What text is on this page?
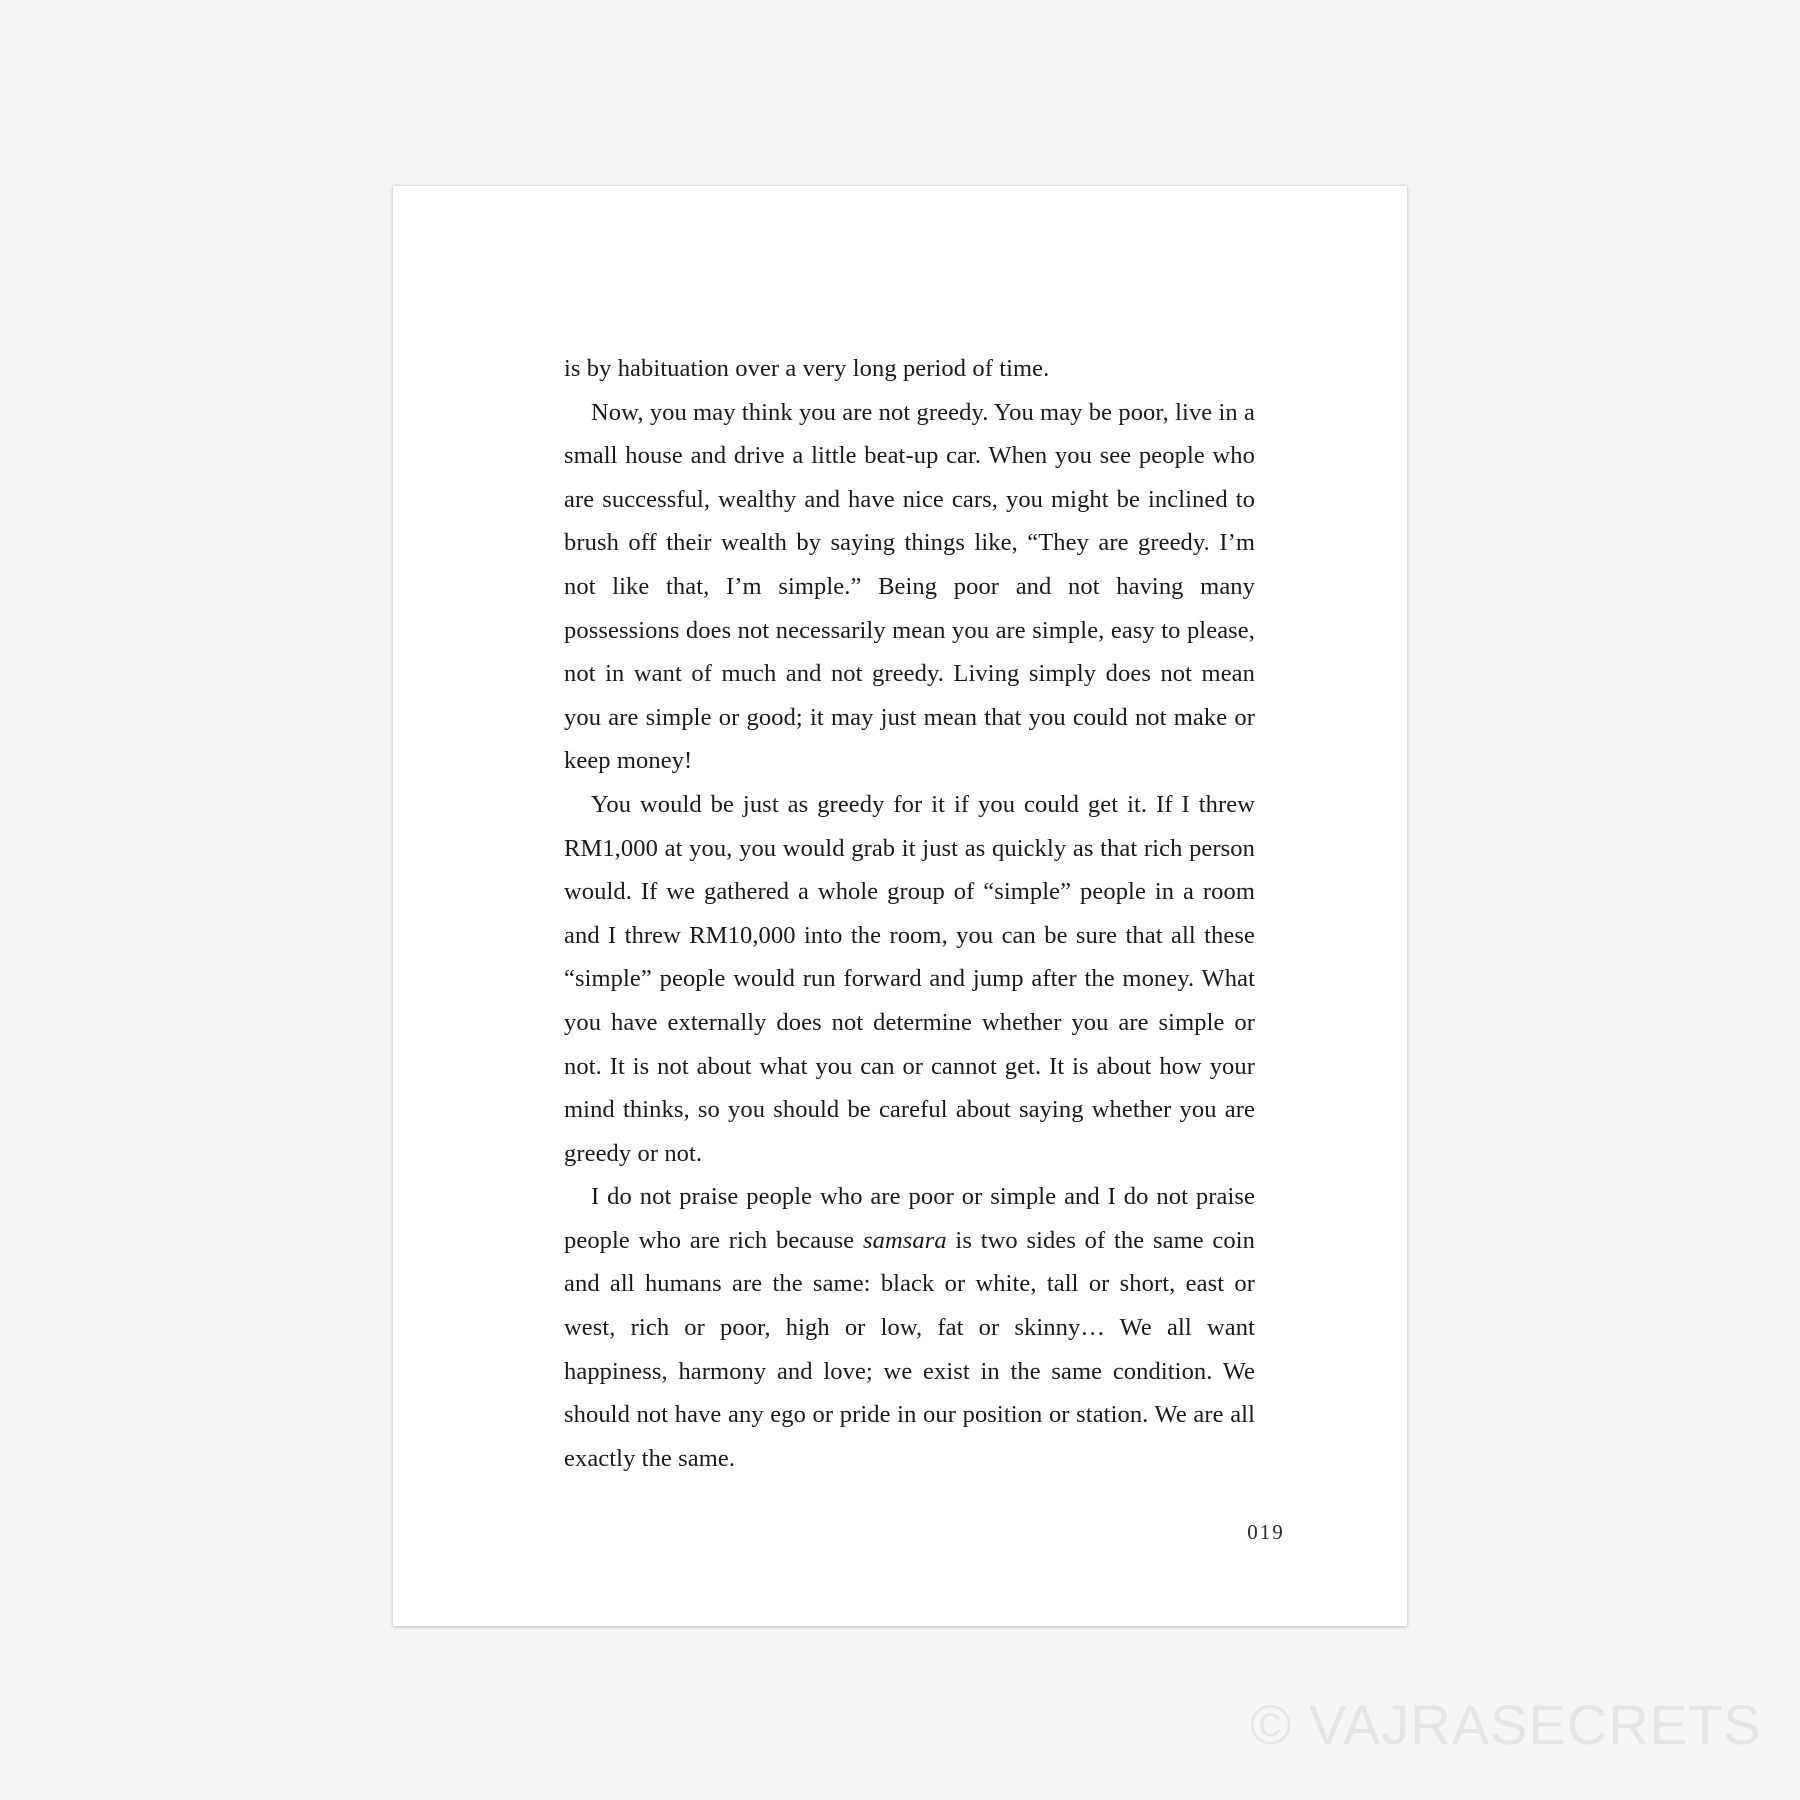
is by habituation over a very long period of time.

Now, you may think you are not greedy. You may be poor, live in a small house and drive a little beat-up car. When you see people who are successful, wealthy and have nice cars, you might be inclined to brush off their wealth by saying things like, “They are greedy. I’m not like that, I’m simple.” Being poor and not having many possessions does not necessarily mean you are simple, easy to please, not in want of much and not greedy. Living simply does not mean you are simple or good; it may just mean that you could not make or keep money!

You would be just as greedy for it if you could get it. If I threw RM1,000 at you, you would grab it just as quickly as that rich person would. If we gathered a whole group of “simple” people in a room and I threw RM10,000 into the room, you can be sure that all these “simple” people would run forward and jump after the money. What you have externally does not determine whether you are simple or not. It is not about what you can or cannot get. It is about how your mind thinks, so you should be careful about saying whether you are greedy or not.

I do not praise people who are poor or simple and I do not praise people who are rich because samsara is two sides of the same coin and all humans are the same: black or white, tall or short, east or west, rich or poor, high or low, fat or skinny… We all want happiness, harmony and love; we exist in the same condition. We should not have any ego or pride in our position or station. We are all exactly the same.

019
© VAJRASECRETS
